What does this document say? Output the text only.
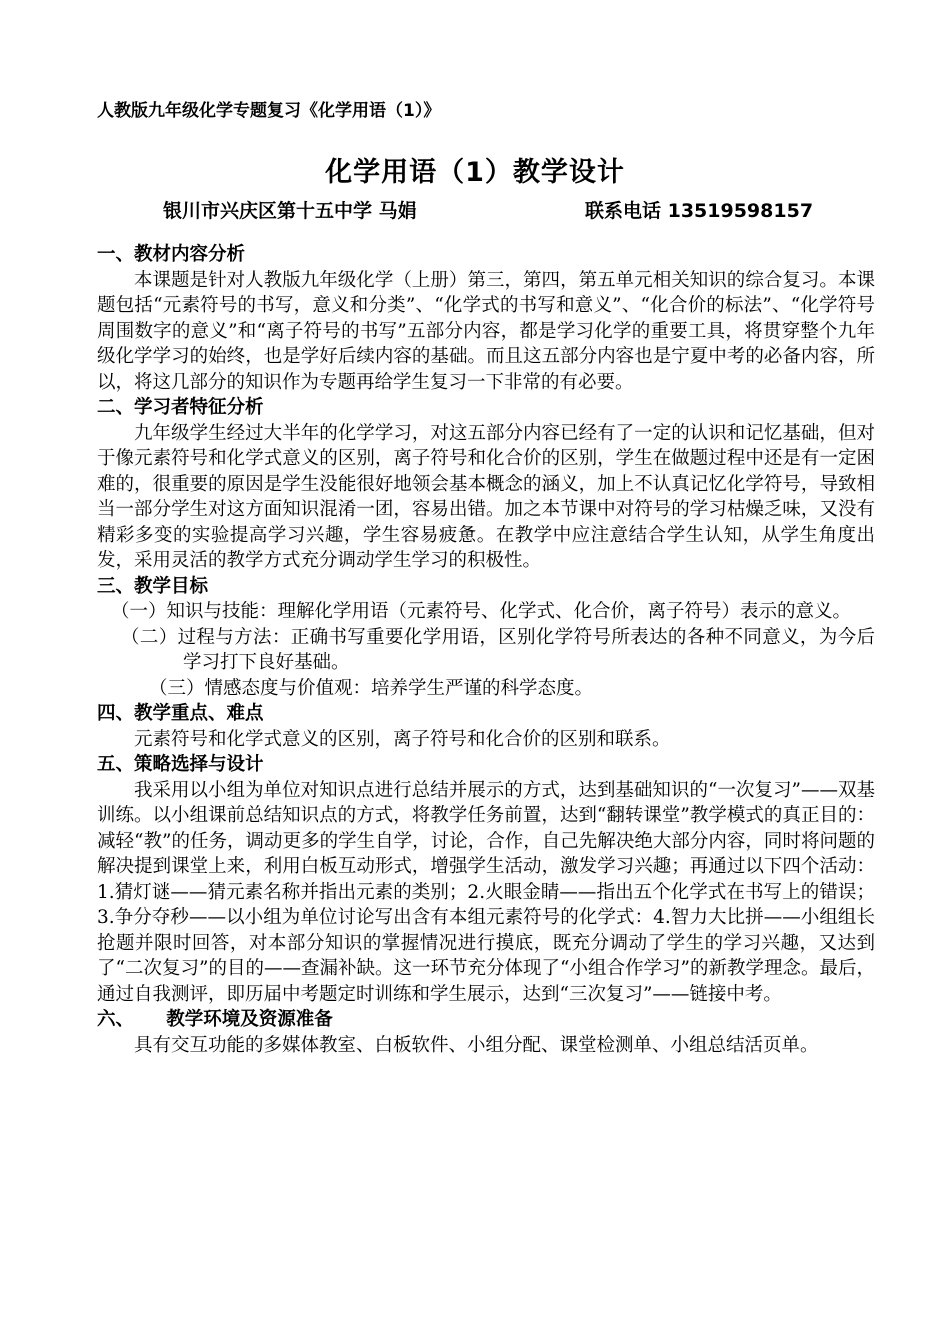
人教版九年级化学专题复习《化学用语（1）》
化学用语（1）教学设计
银川市兴庆区第十五中学 马娟	联系电话 13519598157

一、教材内容分析

本课题是针对人教版九年级化学（上册）第三，第四，第五单元相关知识的综合复习。本课题包括“元素符号的书写，意义和分类”、“化学式的书写和意义”、“化合价的标法”、“化学符号周围数字的意义”和“离子符号的书写”五部分内容，都是学习化学的重要工具，将贯穿整个九年级化学学习的始终，也是学好后续内容的基础。而且这五部分内容也是宁夏中考的必备内容，所以，将这几部分的知识作为专题再给学生复习一下非常的有必要。

二、学习者特征分析

九年级学生经过大半年的化学学习，对这五部分内容已经有了一定的认识和记忆基础，但对于像元素符号和化学式意义的区别，离子符号和化合价的区别，学生在做题过程中还是有一定困难的，很重要的原因是学生没能很好地领会基本概念的涵义，加上不认真记忆化学符号，导致相当一部分学生对这方面知识混淆一团，容易出错。加之本节课中对符号的学习枯燥乏味，又没有精彩多变的实验提高学习兴趣，学生容易疲惫。在教学中应注意结合学生认知，从学生角度出发，采用灵活的教学方式充分调动学生学习的积极性。

三、教学目标

（一）知识与技能：理解化学用语（元素符号、化学式、化合价，离子符号）表示的意义。

（二）过程与方法：正确书写重要化学用语，区别化学符号所表达的各种不同意义，为今后学习打下良好基础。

（三）情感态度与价值观：培养学生严谨的科学态度。

四、教学重点、难点

元素符号和化学式意义的区别，离子符号和化合价的区别和联系。

五、策略选择与设计

我采用以小组为单位对知识点进行总结并展示的方式，达到基础知识的“一次复习”——双基训练。以小组课前总结知识点的方式，将教学任务前置，达到“翻转课堂”教学模式的真正目的：减轻“教”的任务，调动更多的学生自学，讨论，合作，自己先解决绝大部分内容，同时将问题的解决提到课堂上来，利用白板互动形式，增强学生活动，激发学习兴趣；再通过以下四个活动：1.猜灯谜——猜元素名称并指出元素的类别；2.火眼金睛——指出五个化学式在书写上的错误；3.争分夺秒——以小组为单位讨论写出含有本组元素符号的化学式：4.智力大比拼——小组组长抢题并限时回答，对本部分知识的掌握情况进行摸底，既充分调动了学生的学习兴趣，又达到了“二次复习”的目的——查漏补缺。这一环节充分体现了“小组合作学习”的新教学理念。最后，通过自我测评，即历届中考题定时训练和学生展示，达到“三次复习”——链接中考。

六、     教学环境及资源准备

具有交互功能的多媒体教室、白板软件、小组分配、课堂检测单、小组总结活页单。
